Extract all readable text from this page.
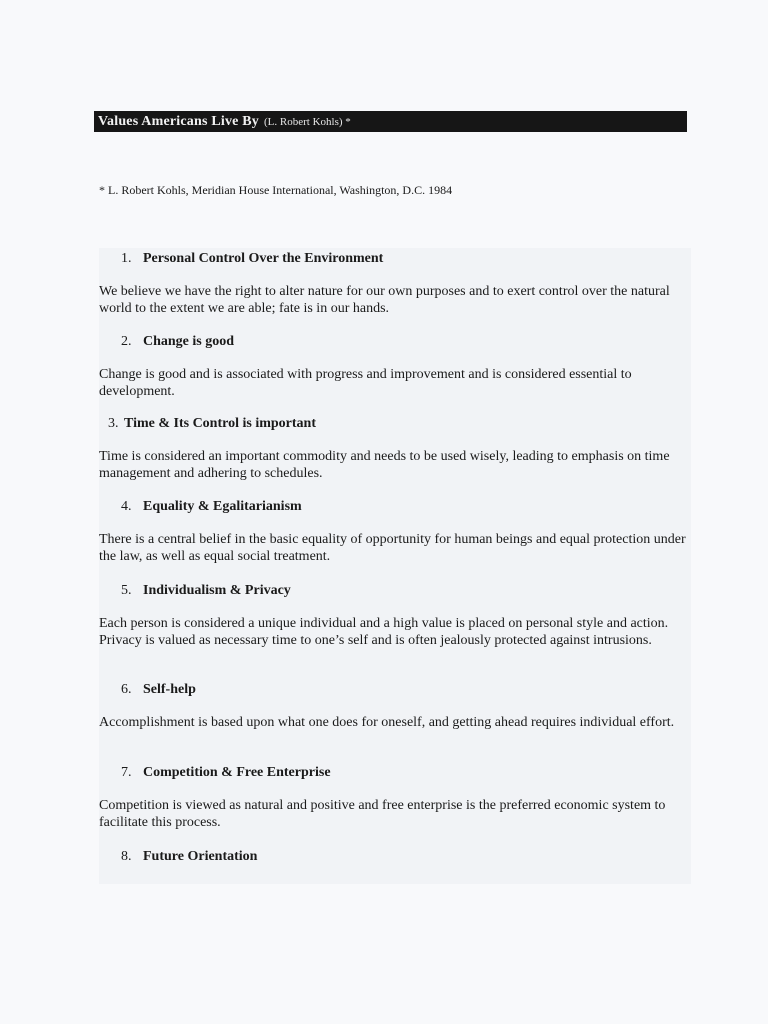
Values Americans Live By (L. Robert Kohls) *
* L. Robert Kohls, Meridian House International, Washington, D.C. 1984
1. Personal Control Over the Environment
We believe we have the right to alter nature for our own purposes and to exert control over the natural world to the extent we are able; fate is in our hands.
2. Change is good
Change is good and is associated with progress and improvement and is considered essential to development.
3. Time & Its Control is important
Time is considered an important commodity and needs to be used wisely, leading to emphasis on time management and adhering to schedules.
4. Equality & Egalitarianism
There is a central belief in the basic equality of opportunity for human beings and equal protection under the law, as well as equal social treatment.
5. Individualism & Privacy
Each person is considered a unique individual and a high value is placed on personal style and action. Privacy is valued as necessary time to one’s self and is often jealously protected against intrusions.
6. Self-help
Accomplishment is based upon what one does for oneself, and getting ahead requires individual effort.
7. Competition & Free Enterprise
Competition is viewed as natural and positive and free enterprise is the preferred economic system to facilitate this process.
8. Future Orientation
